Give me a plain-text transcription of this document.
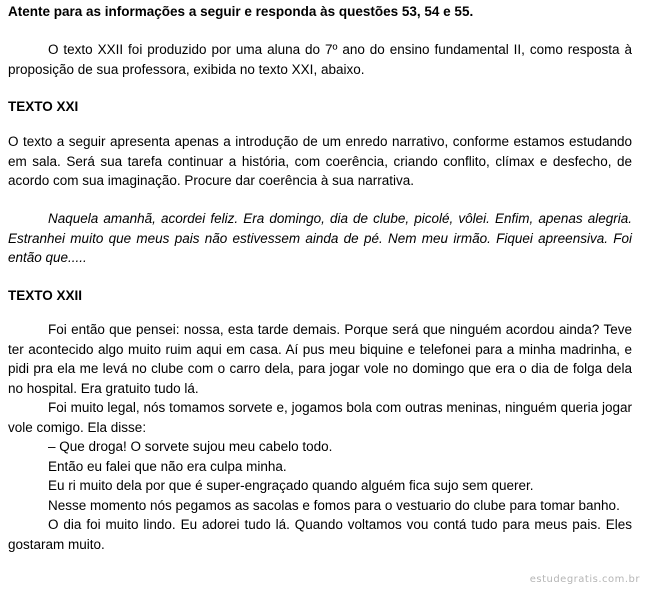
Atente para as informações a seguir e responda às questões 53, 54 e 55.

O texto XXII foi produzido por uma aluna do 7º ano do ensino fundamental II, como resposta à proposição de sua professora, exibida no texto XXI, abaixo.

TEXTO XXI

O texto a seguir apresenta apenas a introdução de um enredo narrativo, conforme estamos estudando em sala. Será sua tarefa continuar a história, com coerência, criando conflito, clímax e desfecho, de acordo com sua imaginação. Procure dar coerência à sua narrativa.

Naquela amanhã, acordei feliz. Era domingo, dia de clube, picolé, vôlei. Enfim, apenas alegria. Estranhei muito que meus pais não estivessem ainda de pé. Nem meu irmão. Fiquei apreensiva. Foi então que.....

TEXTO XXII

Foi então que pensei: nossa, esta tarde demais. Porque será que ninguém acordou ainda? Teve ter acontecido algo muito ruim aqui em casa. Aí pus meu biquine e telefonei para a minha madrinha, e pidi pra ela me levá no clube com o carro dela, para jogar vole no domingo que era o dia de folga dela no hospital. Era gratuito tudo lá.

Foi muito legal, nós tomamos sorvete e, jogamos bola com outras meninas, ninguém queria jogar vole comigo. Ela disse:

– Que droga! O sorvete sujou meu cabelo todo.

Então eu falei que não era culpa minha.

Eu ri muito dela por que é super-engraçado quando alguém fica sujo sem querer.

Nesse momento nós pegamos as sacolas e fomos para o vestuario do clube para tomar banho.

O dia foi muito lindo. Eu adorei tudo lá. Quando voltamos vou contá tudo para meus pais. Eles gostaram muito.

estudegratis.com.br
